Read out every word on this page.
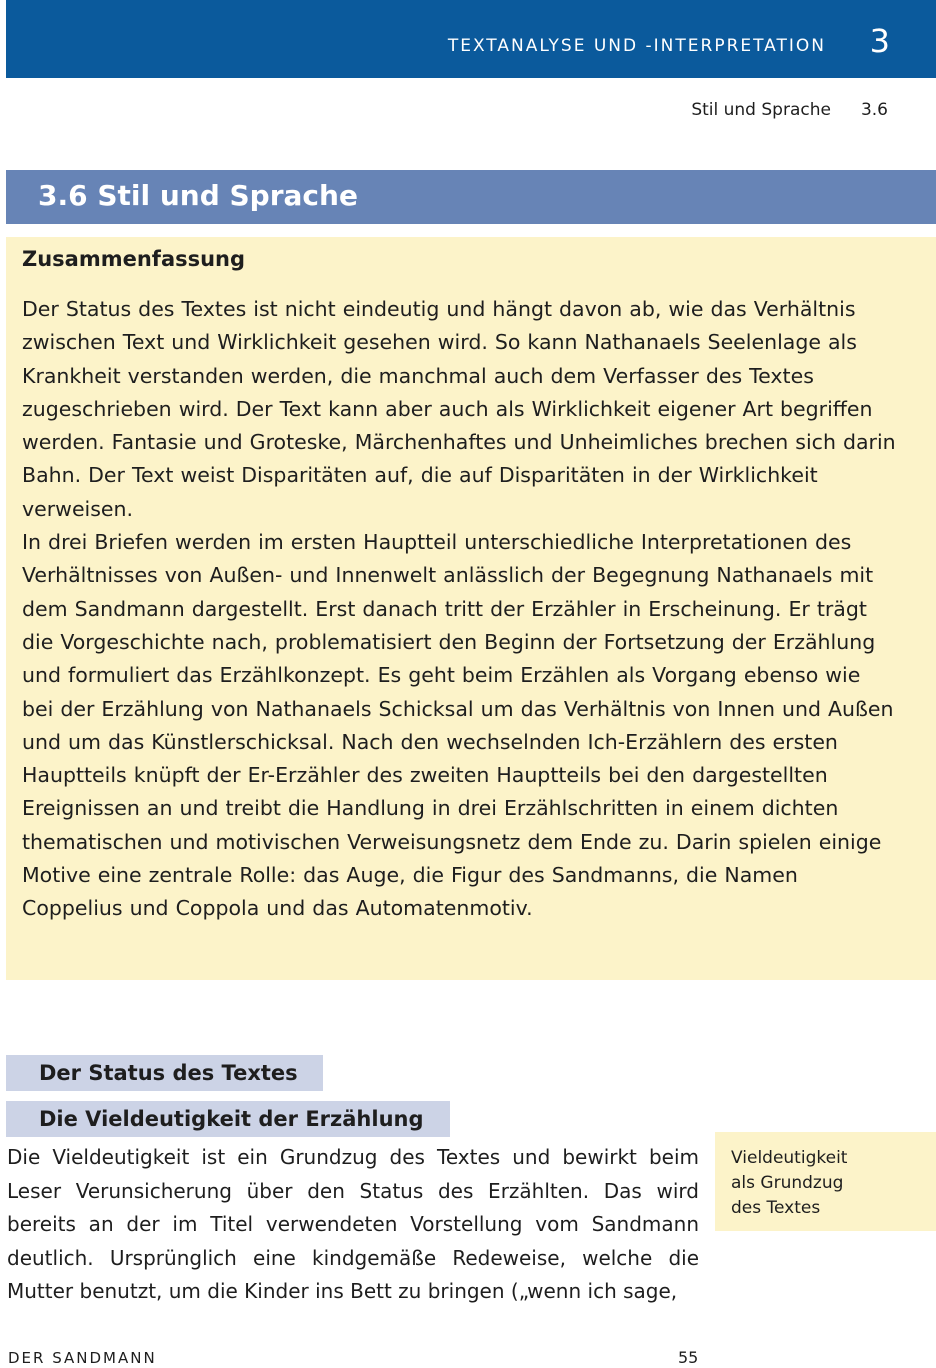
TEXTANALYSE UND -INTERPRETATION 3
Stil und Sprache 3.6
3.6 Stil und Sprache
Zusammenfassung
Der Status des Textes ist nicht eindeutig und hängt davon ab, wie das Verhältnis zwischen Text und Wirklichkeit gesehen wird. So kann Nathanaels Seelenlage als Krankheit verstanden werden, die manchmal auch dem Verfasser des Textes zugeschrieben wird. Der Text kann aber auch als Wirklichkeit eigener Art begriffen werden. Fantasie und Groteske, Märchenhaftes und Unheimliches brechen sich darin Bahn. Der Text weist Disparitäten auf, die auf Disparitäten in der Wirklichkeit verweisen.
In drei Briefen werden im ersten Hauptteil unterschiedliche Interpretationen des Verhältnisses von Außen- und Innenwelt anlässlich der Begegnung Nathanaels mit dem Sandmann dargestellt. Erst danach tritt der Erzähler in Erscheinung. Er trägt die Vorgeschichte nach, problematisiert den Beginn der Fortsetzung der Erzählung und formuliert das Erzählkonzept. Es geht beim Erzählen als Vorgang ebenso wie bei der Erzählung von Nathanaels Schicksal um das Verhältnis von Innen und Außen und um das Künstlerschicksal. Nach den wechselnden Ich-Erzählern des ersten Hauptteils knüpft der Er-Erzähler des zweiten Hauptteils bei den dargestellten Ereignissen an und treibt die Handlung in drei Erzählschritten in einem dichten thematischen und motivischen Verweisungsnetz dem Ende zu. Darin spielen einige Motive eine zentrale Rolle: das Auge, die Figur des Sandmanns, die Namen Coppelius und Coppola und das Automatenmotiv.
Der Status des Textes
Die Vieldeutigkeit der Erzählung

Die Vieldeutigkeit ist ein Grundzug des Textes und bewirkt beim Leser Verunsicherung über den Status des Erzählten. Das wird bereits an der im Titel verwendeten Vorstellung vom Sandmann deutlich. Ursprünglich eine kindgemäße Redeweise, welche die Mutter benutzt, um die Kinder ins Bett zu bringen („wenn ich sage,

Vieldeutigkeit
als Grundzug
des Textes
DER SANDMANN	55
